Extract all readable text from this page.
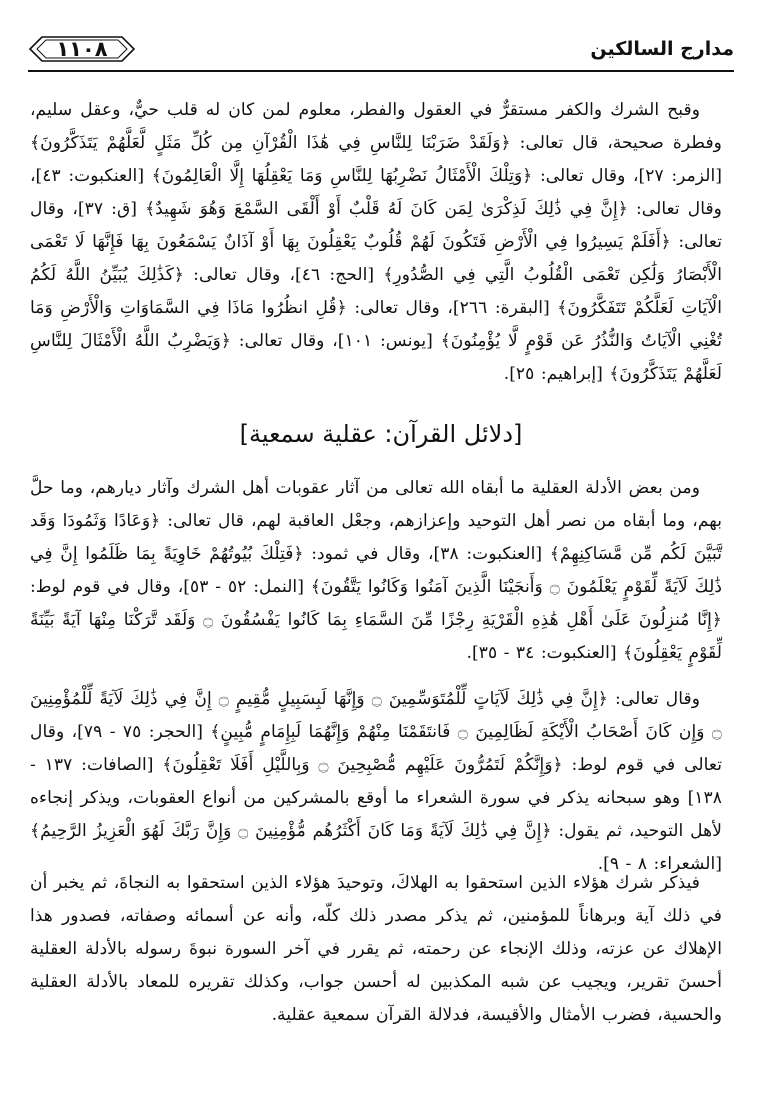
مدارج السالكين
١١٠٨
وقبح الشرك والكفر مستقرٌّ في العقول والفطر، معلوم لمن كان له قلب حيٌّ، وعقل سليم، وفطرة صحيحة، قال تعالى: ﴿وَلَقَدْ ضَرَبْنَا لِلنَّاسِ فِي هَٰذَا الْقُرْآنِ مِن كُلِّ مَثَلٍ لَّعَلَّهُمْ يَتَذَكَّرُونَ﴾ [الزمر: ٢٧]، وقال تعالى: ﴿وَتِلْكَ الْأَمْثَالُ نَضْرِبُهَا لِلنَّاسِ وَمَا يَعْقِلُهَا إِلَّا الْعَالِمُونَ﴾ [العنكبوت: ٤٣]، وقال تعالى: ﴿إِنَّ فِي ذَٰلِكَ لَذِكْرَىٰ لِمَن كَانَ لَهُ قَلْبٌ أَوْ أَلْقَى السَّمْعَ وَهُوَ شَهِيدٌ﴾ [ق: ٣٧]، وقال تعالى: ﴿أَفَلَمْ يَسِيرُوا فِي الْأَرْضِ فَتَكُونَ لَهُمْ قُلُوبٌ يَعْقِلُونَ بِهَا أَوْ آذَانٌ يَسْمَعُونَ بِهَا فَإِنَّهَا لَا تَعْمَى الْأَبْصَارُ وَلَٰكِن تَعْمَى الْقُلُوبُ الَّتِي فِي الصُّدُورِ﴾ [الحج: ٤٦]، وقال تعالى: ﴿كَذَٰلِكَ يُبَيِّنُ اللَّهُ لَكُمُ الْآيَاتِ لَعَلَّكُمْ تَتَفَكَّرُونَ﴾ [البقرة: ٢٦٦]، وقال تعالى: ﴿قُلِ انظُرُوا مَاذَا فِي السَّمَاوَاتِ وَالْأَرْضِ وَمَا تُغْنِي الْآيَاتُ وَالنُّذُرُ عَن قَوْمٍ لَّا يُؤْمِنُونَ﴾ [يونس: ١٠١]، وقال تعالى: ﴿وَيَضْرِبُ اللَّهُ الْأَمْثَالَ لِلنَّاسِ لَعَلَّهُمْ يَتَذَكَّرُونَ﴾ [إبراهيم: ٢٥].
[دلائل القرآن: عقلية سمعية]
ومن بعض الأدلة العقلية ما أبقاه الله تعالى من آثار عقوبات أهل الشرك وآثار ديارهم، وما حلَّ بهم، وما أبقاه من نصر أهل التوحيد وإعزازهم، وجعْل العاقبة لهم، قال تعالى: ﴿وَعَادًا وَثَمُودَا وَقَد تَّبَيَّنَ لَكُم مِّن مَّسَاكِنِهِمْ﴾ [العنكبوت: ٣٨]، وقال في ثمود: ﴿فَتِلْكَ بُيُوتُهُمْ خَاوِيَةً بِمَا ظَلَمُوا إِنَّ فِي ذَٰلِكَ لَآيَةً لِّقَوْمٍ يَعْلَمُونَ ۝ وَأَنجَيْنَا الَّذِينَ آمَنُوا وَكَانُوا يَتَّقُونَ﴾ [النمل: ٥٢ - ٥٣]، وقال في قوم لوط: ﴿إِنَّا مُنزِلُونَ عَلَىٰ أَهْلِ هَٰذِهِ الْقَرْيَةِ رِجْزًا مِّنَ السَّمَاءِ بِمَا كَانُوا يَفْسُقُونَ ۝ وَلَقَد تَّرَكْنَا مِنْهَا آيَةً بَيِّنَةً لِّقَوْمٍ يَعْقِلُونَ﴾ [العنكبوت: ٣٤ - ٣٥].
وقال تعالى: ﴿إِنَّ فِي ذَٰلِكَ لَآيَاتٍ لِّلْمُتَوَسِّمِينَ ۝ وَإِنَّهَا لَبِسَبِيلٍ مُّقِيمٍ ۝ إِنَّ فِي ذَٰلِكَ لَآيَةً لِّلْمُؤْمِنِينَ ۝ وَإِن كَانَ أَصْحَابُ الْأَيْكَةِ لَظَالِمِينَ ۝ فَانتَقَمْنَا مِنْهُمْ وَإِنَّهُمَا لَبِإِمَامٍ مُّبِينٍ﴾ [الحجر: ٧٥ - ٧٩]، وقال تعالى في قوم لوط: ﴿وَإِنَّكُمْ لَتَمُرُّونَ عَلَيْهِم مُّصْبِحِينَ ۝ وَبِاللَّيْلِ أَفَلَا تَعْقِلُونَ﴾ [الصافات: ١٣٧ - ١٣٨] وهو سبحانه يذكر في سورة الشعراء ما أوقع بالمشركين من أنواع العقوبات، ويذكر إنجاءه لأهل التوحيد، ثم يقول: ﴿إِنَّ فِي ذَٰلِكَ لَآيَةً وَمَا كَانَ أَكْثَرُهُم مُّؤْمِنِينَ ۝ وَإِنَّ رَبَّكَ لَهُوَ الْعَزِيزُ الرَّحِيمُ﴾ [الشعراء: ٨ - ٩].
فيذكر شرك هؤلاء الذين استحقوا به الهلاكَ، وتوحيدَ هؤلاء الذين استحقوا به النجاةَ، ثم يخبر أن في ذلك آية وبرهاناً للمؤمنين، ثم يذكر مصدر ذلك كلّه، وأنه عن أسمائه وصفاته، فصدور هذا الإهلاك عن عزته، وذلك الإنجاء عن رحمته، ثم يقرر في آخر السورة نبوةَ رسوله بالأدلة العقلية أحسنَ تقرير، ويجيب عن شبه المكذبين له أحسن جواب، وكذلك تقريره للمعاد بالأدلة العقلية والحسية، فضرب الأمثال والأقيسة، فدلالة القرآن سمعية عقلية.
